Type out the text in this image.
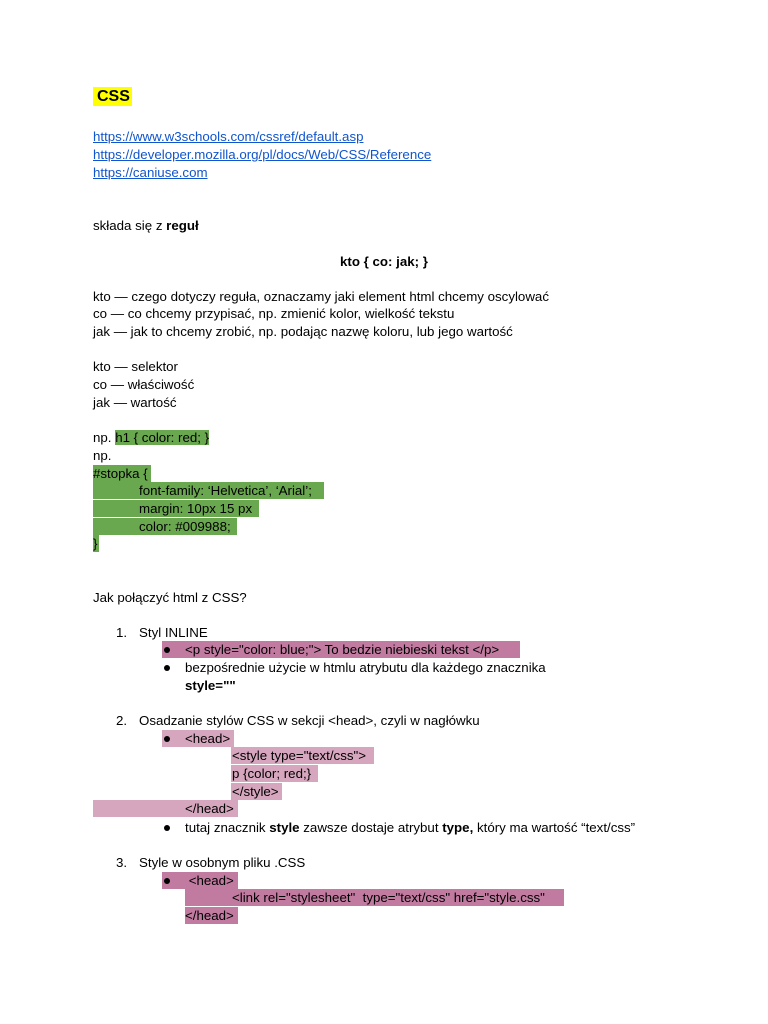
CSS
https://www.w3schools.com/cssref/default.asp
https://developer.mozilla.org/pl/docs/Web/CSS/Reference
https://caniuse.com
składa się z reguł
kto { co: jak; }
kto — czego dotyczy reguła, oznaczamy jaki element html chcemy oscylować
co — co chcemy przypisać, np. zmienić kolor, wielkość tekstu
jak — jak to chcemy zrobić, np. podając nazwę koloru, lub jego wartość
kto — selektor
co — właściwość
jak — wartość
np. h1 { color: red; }
np.
#stopka {
font-family: ‘Helvetica’, ‘Arial’;
margin: 10px 15 px
color: #009988;
}
Jak połączyć html z CSS?
1. Styl INLINE
<p style="color: blue;"> To bedzie niebieski tekst </p>
bezpośrednie użycie w htmlu atrybutu dla każdego znacznika
style=""
2. Osadzanie stylów CSS w sekcji <head>, czyli w nagłówku
<head>
<style type="text/css">
p {color; red;}
</style>
</head>
tutaj znacznik style zawsze dostaje atrybut type, który ma wartość “text/css”
3. Style w osobnym pliku .CSS
<head>
<link rel="stylesheet"  type="text/css" href="style.css"
</head>
